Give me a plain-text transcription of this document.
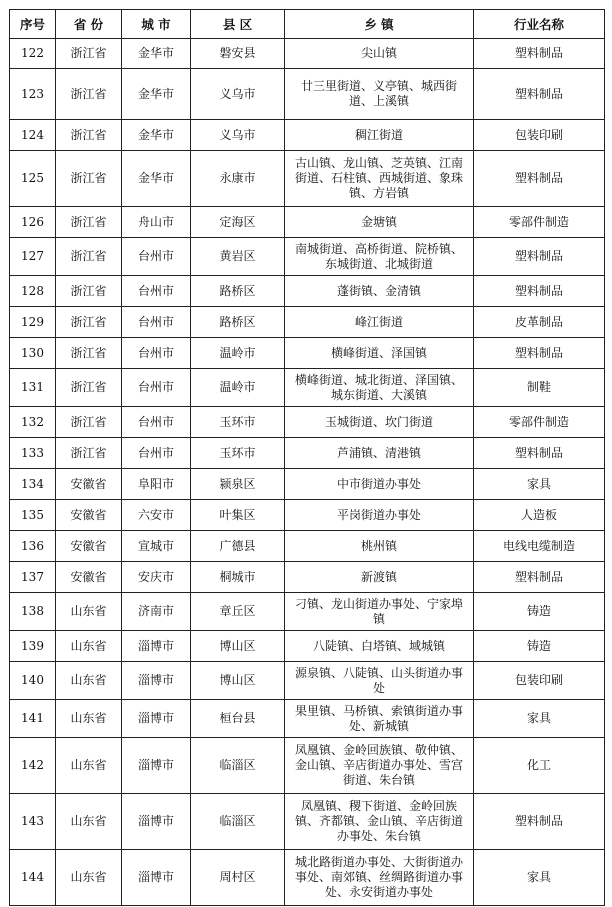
序号	省 份	城 市	县 区	乡 镇	行业名称
122	浙江省	金华市	磐安县	尖山镇	塑料制品
123	浙江省	金华市	义乌市	廿三里街道、义亭镇、城西街道、上溪镇	塑料制品
124	浙江省	金华市	义乌市	稠江街道	包装印刷
125	浙江省	金华市	永康市	古山镇、龙山镇、芝英镇、江南街道、石柱镇、西城街道、象珠镇、方岩镇	塑料制品
126	浙江省	舟山市	定海区	金塘镇	零部件制造
127	浙江省	台州市	黄岩区	南城街道、高桥街道、院桥镇、东城街道、北城街道	塑料制品
128	浙江省	台州市	路桥区	蓬街镇、金清镇	塑料制品
129	浙江省	台州市	路桥区	峰江街道	皮革制品
130	浙江省	台州市	温岭市	横峰街道、泽国镇	塑料制品
131	浙江省	台州市	温岭市	横峰街道、城北街道、泽国镇、城东街道、大溪镇	制鞋
132	浙江省	台州市	玉环市	玉城街道、坎门街道	零部件制造
133	浙江省	台州市	玉环市	芦浦镇、清港镇	塑料制品
134	安徽省	阜阳市	颍泉区	中市街道办事处	家具
135	安徽省	六安市	叶集区	平岗街道办事处	人造板
136	安徽省	宣城市	广德县	桃州镇	电线电缆制造
137	安徽省	安庆市	桐城市	新渡镇	塑料制品
138	山东省	济南市	章丘区	刁镇、龙山街道办事处、宁家埠镇	铸造
139	山东省	淄博市	博山区	八陡镇、白塔镇、域城镇	铸造
140	山东省	淄博市	博山区	源泉镇、八陡镇、山头街道办事处	包装印刷
141	山东省	淄博市	桓台县	果里镇、马桥镇、索镇街道办事处、新城镇	家具
142	山东省	淄博市	临淄区	凤凰镇、金岭回族镇、敬仲镇、金山镇、辛店街道办事处、雪宫街道、朱台镇	化工
143	山东省	淄博市	临淄区	凤凰镇、稷下街道、金岭回族镇、齐都镇、金山镇、辛店街道办事处、朱台镇	塑料制品
144	山东省	淄博市	周村区	城北路街道办事处、大街街道办事处、南郊镇、丝绸路街道办事处、永安街道办事处	家具
